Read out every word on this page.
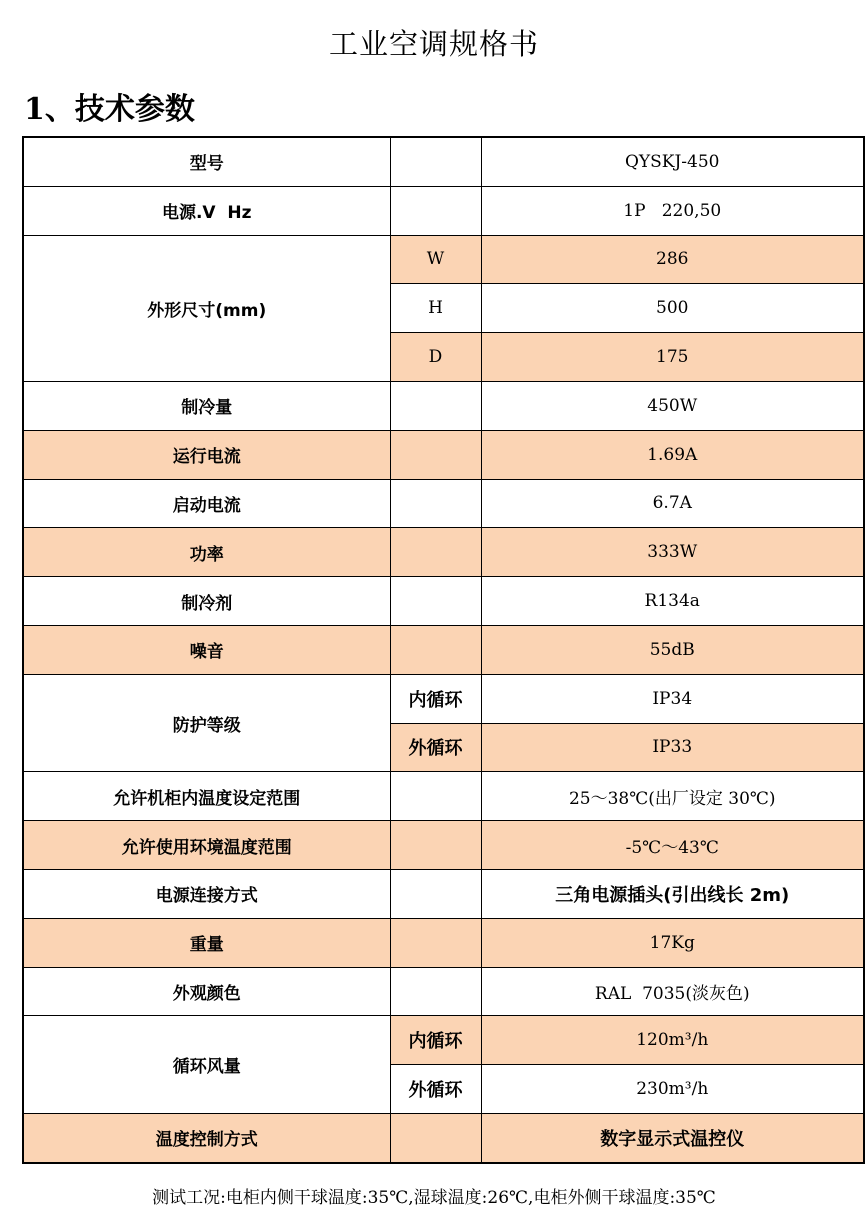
工业空调规格书
1、技术参数
型号		QYSKJ-450
电源.V  Hz		1P   220,50
外形尺寸(mm)	W	286
	H	500
	D	175
制冷量		450W
运行电流		1.69A
启动电流		6.7A
功率		333W
制冷剂		R134a
噪音		55dB
防护等级	内循环	IP34
	外循环	IP33
允许机柜内温度设定范围		25～38℃(出厂设定 30℃)
允许使用环境温度范围		-5℃～43℃
电源连接方式		三角电源插头(引出线长 2m)
重量		17Kg
外观颜色		RAL  7035(淡灰色)
循环风量	内循环	120m³/h
	外循环	230m³/h
温度控制方式		数字显示式温控仪
测试工况:电柜内侧干球温度:35℃,湿球温度:26℃,电柜外侧干球温度:35℃
